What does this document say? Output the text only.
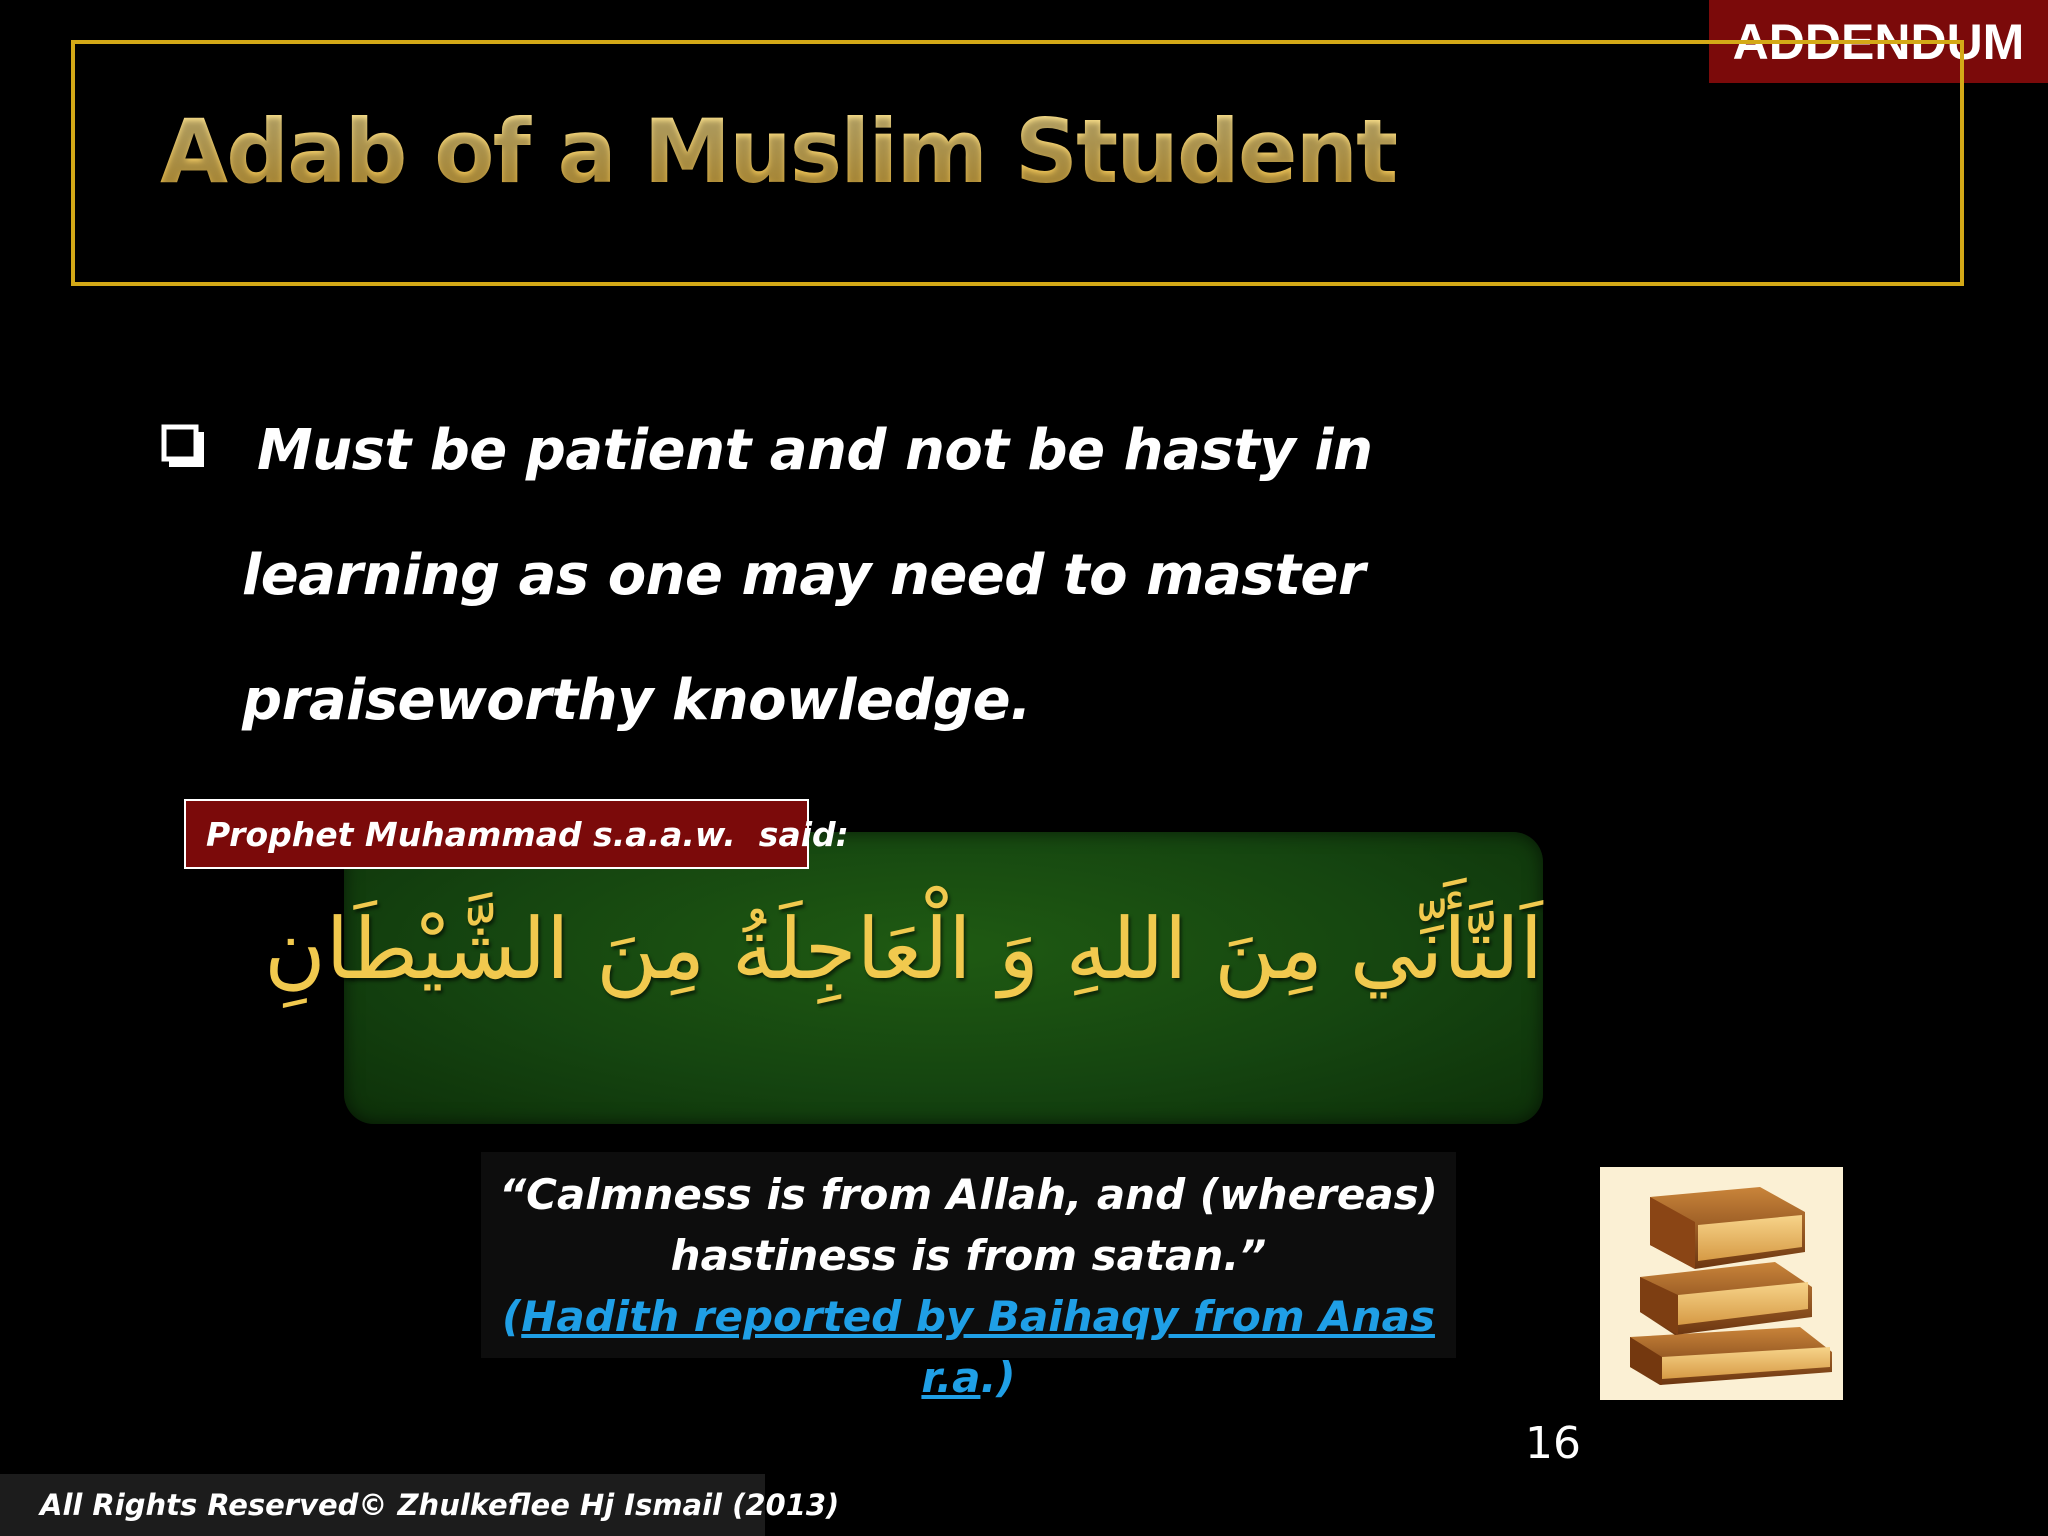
ADDENDUM
Adab of a Muslim Student
Must be patient and not be hasty in
learning as one may need to master
praiseworthy knowledge.
اَلتَّأَنِّي مِنَ اللهِ وَ الْعَاجِلَةُ مِنَ الشَّيْطَانِ
Prophet Muhammad s.a.a.w.  said:
“Calmness is from Allah, and (whereas)
hastiness is from satan.”
(Hadith reported by Baihaqy from Anas r.a.)
16
All Rights Reserved© Zhulkeflee Hj Ismail (2013)
